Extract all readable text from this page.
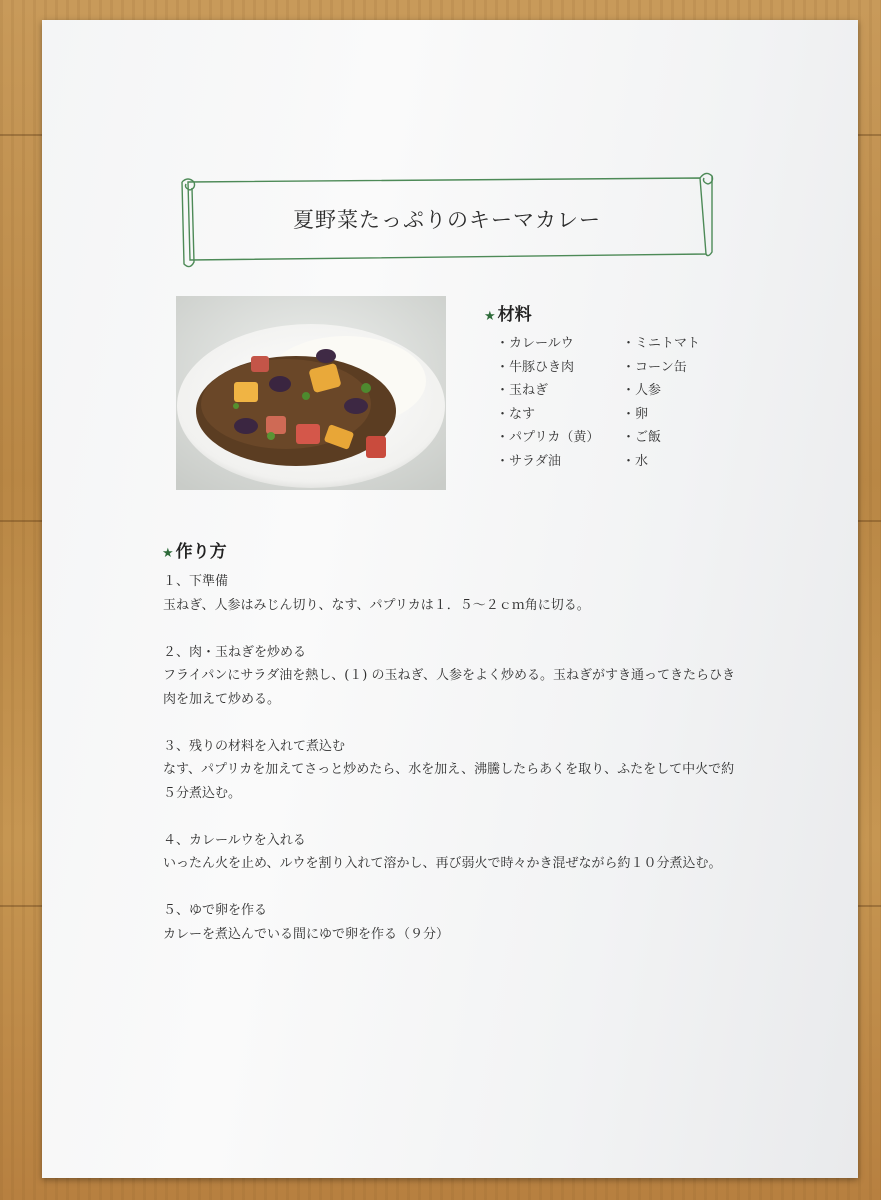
夏野菜たっぷりのキーマカレー
★ 材料
・カレールウ	・ミニトマト
・牛豚ひき肉	・コーン缶
・玉ねぎ	・人参
・なす	・卵
・パプリカ（黄）	・ご飯
・サラダ油	・水
★ 作り方
１、下準備
玉ねぎ、人参はみじん切り、なす、パプリカは１．５～２ｃｍ角に切る。
２、肉・玉ねぎを炒める
フライパンにサラダ油を熱し、(１) の玉ねぎ、人参をよく炒める。玉ねぎがすき通ってきたらひき肉を加えて炒める。
３、残りの材料を入れて煮込む
なす、パプリカを加えてさっと炒めたら、水を加え、沸騰したらあくを取り、ふたをして中火で約５分煮込む。
４、カレールウを入れる
いったん火を止め、ルウを割り入れて溶かし、再び弱火で時々かき混ぜながら約１０分煮込む。
５、ゆで卵を作る
カレーを煮込んでいる間にゆで卵を作る（９分）
